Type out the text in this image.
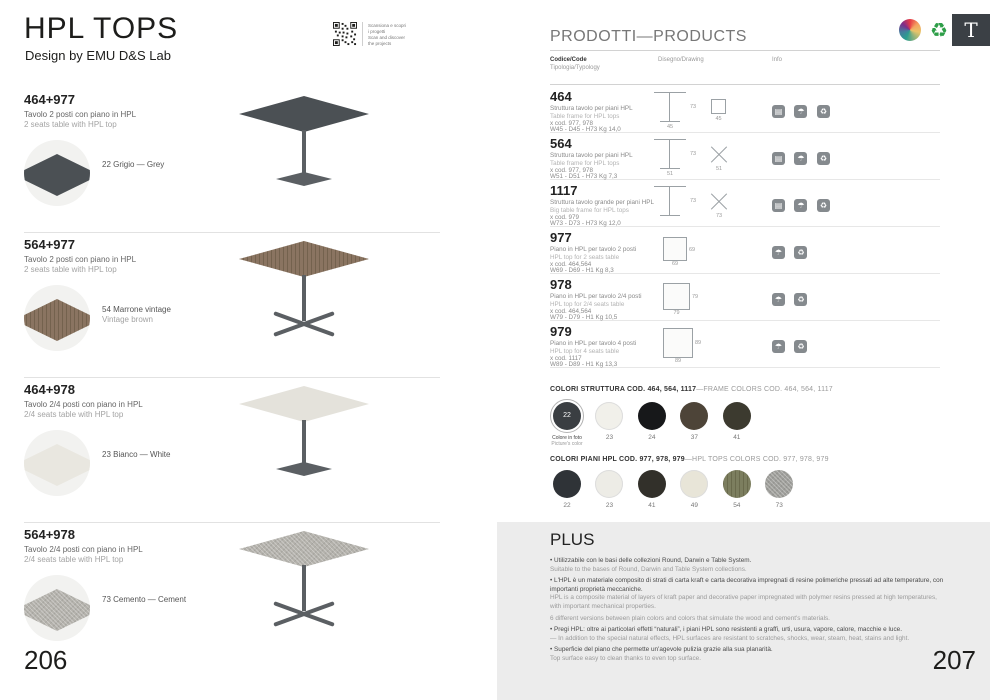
HPL TOPS
Design by EMU D&S Lab
Scansiona e scopri
i progetti
Scan and discover
the projects
464+977
Tavolo 2 posti con piano in HPL
2 seats table with HPL top
22 Grigio — Grey
564+977
Tavolo 2 posti con piano in HPL
2 seats table with HPL top
54 Marrone vintage
Vintage brown
464+978
Tavolo 2/4 posti con piano in HPL
2/4 seats table with HPL top
23 Bianco — White
564+978
Tavolo 2/4 posti con piano in HPL
2/4 seats table with HPL top
73 Cemento — Cement
206
PRODOTTI—PRODUCTS	♻ T
Codice/Code
Tipologia/Typology
Disegno/Drawing	Info
464
Struttura tavolo per piani HPL
Table frame for HPL tops
x cod. 977, 978
W45 - D45 - H73 Kg 14,0
73
45
45
▤ ☂ ♻
564
Struttura tavolo per piani HPL
Table frame for HPL tops
x cod. 977, 978
W51 - D51 - H73 Kg 7,3
73
51
51
▤ ☂ ♻
1117
Struttura tavolo grande per piani HPL
Big table frame for HPL tops
x cod. 979
W73 - D73 - H73 Kg 12,0
73
73
▤ ☂ ♻
977
Piano in HPL per tavolo 2 posti
HPL top for 2 seats table
x cod. 464,564
W69 - D69 - H1 Kg 8,3
69
69
☂ ♻
978
Piano in HPL per tavolo 2/4 posti
HPL top for 2/4 seats table
x cod. 464,564
W79 - D79 - H1 Kg 10,5
79
79
☂ ♻
979
Piano in HPL per tavolo 4 posti
HPL top for 4 seats table
x cod. 1117
W89 - D89 - H1 Kg 13,3
89
89
☂ ♻
COLORI STRUTTURA COD. 464, 564, 1117—FRAME COLORS COD. 464, 564, 1117
22
Colore in foto
Picture's color

23
	24
	37
	41
COLORI PIANI HPL COD. 977, 978, 979—HPL TOPS COLORS COD. 977, 978, 979
22
	23
	41
	49
	54
	73
PLUS

• Utilizzabile con le basi delle collezioni Round, Darwin e Table System.
Suitable to the bases of Round, Darwin and Table System collections.

• L'HPL è un materiale composito di strati di carta kraft e carta decorativa impregnati di resine polimeriche pressati ad alte temperature, con importanti proprietà meccaniche.
HPL is a composite material of layers of kraft paper and decorative paper impregnated with polymer resins pressed at high temperatures, with important mechanical properties.

6 different versions between plain colors and colors that simulate the wood and cement's materials.

• Pregi HPL: oltre ai particolari effetti “naturali”, i piani HPL sono resistenti a graffi, urti, usura, vapore, calore, macchie e luce.
— In addition to the special natural effects, HPL surfaces are resistant to scratches, shocks, wear, steam, heat, stains and light.

• Superficie del piano che permette un'agevole pulizia grazie alla sua planarità.
Top surface easy to clean thanks to even top surface.	207
